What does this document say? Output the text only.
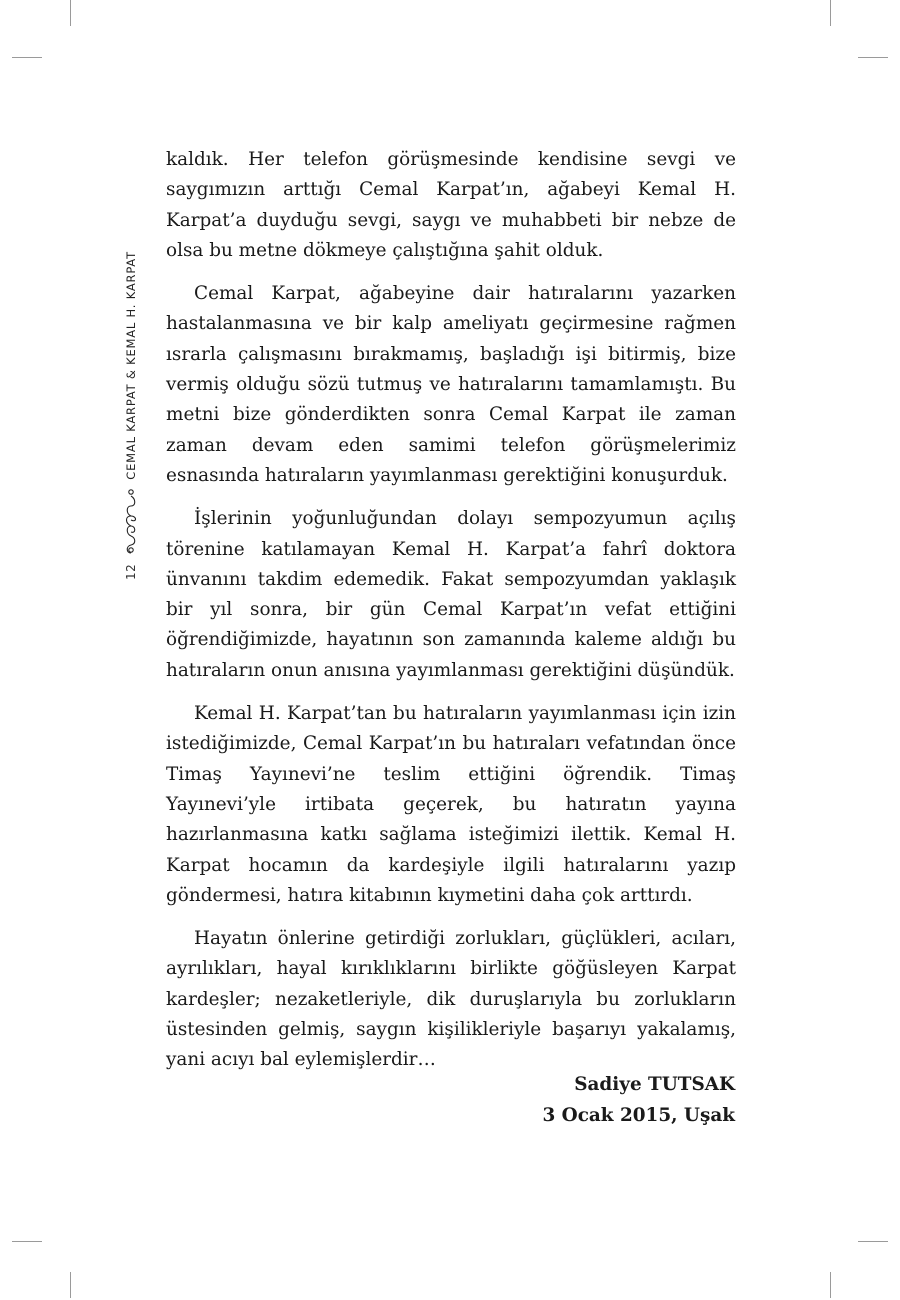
12
CEMAL KARPAT & KEMAL H. KARPAT

kaldık. Her telefon görüşmesinde kendisine sevgi ve saygımızın arttığı Cemal Karpat’ın, ağabeyi Kemal H. Karpat’a duyduğu sevgi, saygı ve muhabbeti bir nebze de olsa bu metne dökmeye çalıştığına şahit olduk.

Cemal Karpat, ağabeyine dair hatıralarını yazarken hastalanmasına ve bir kalp ameliyatı geçirmesine rağmen ısrarla çalışmasını bırakmamış, başladığı işi bitirmiş, bize vermiş olduğu sözü tutmuş ve hatıralarını tamamlamıştı. Bu metni bize gönderdikten sonra Cemal Karpat ile zaman zaman devam eden samimi telefon görüşmelerimiz esnasında hatıraların yayımlanması gerektiğini konuşurduk.

İşlerinin yoğunluğundan dolayı sempozyumun açılış törenine katılamayan Kemal H. Karpat’a fahrî doktora ünvanını takdim edemedik. Fakat sempozyumdan yaklaşık bir yıl sonra, bir gün Cemal Karpat’ın vefat ettiğini öğrendiğimizde, hayatının son zamanında kaleme aldığı bu hatıraların onun anısına yayımlanması gerektiğini düşündük.

Kemal H. Karpat’tan bu hatıraların yayımlanması için izin istediğimizde, Cemal Karpat’ın bu hatıraları vefatından önce Timaş Yayınevi’ne teslim ettiğini öğrendik. Timaş Yayınevi’yle irtibata geçerek, bu hatıratın yayına hazırlanmasına katkı sağlama isteğimizi ilettik. Kemal H. Karpat hocamın da kardeşiyle ilgili hatıralarını yazıp göndermesi, hatıra kitabının kıymetini daha çok arttırdı.

Hayatın önlerine getirdiği zorlukları, güçlükleri, acıları, ayrılıkları, hayal kırıklıklarını birlikte göğüsleyen Karpat kardeşler; nezaketleriyle, dik duruşlarıyla bu zorlukların üstesinden gelmiş, saygın kişilikleriyle başarıyı yakalamış, yani acıyı bal eylemişlerdir…

Sadiye TUTSAK
3 Ocak 2015, Uşak
